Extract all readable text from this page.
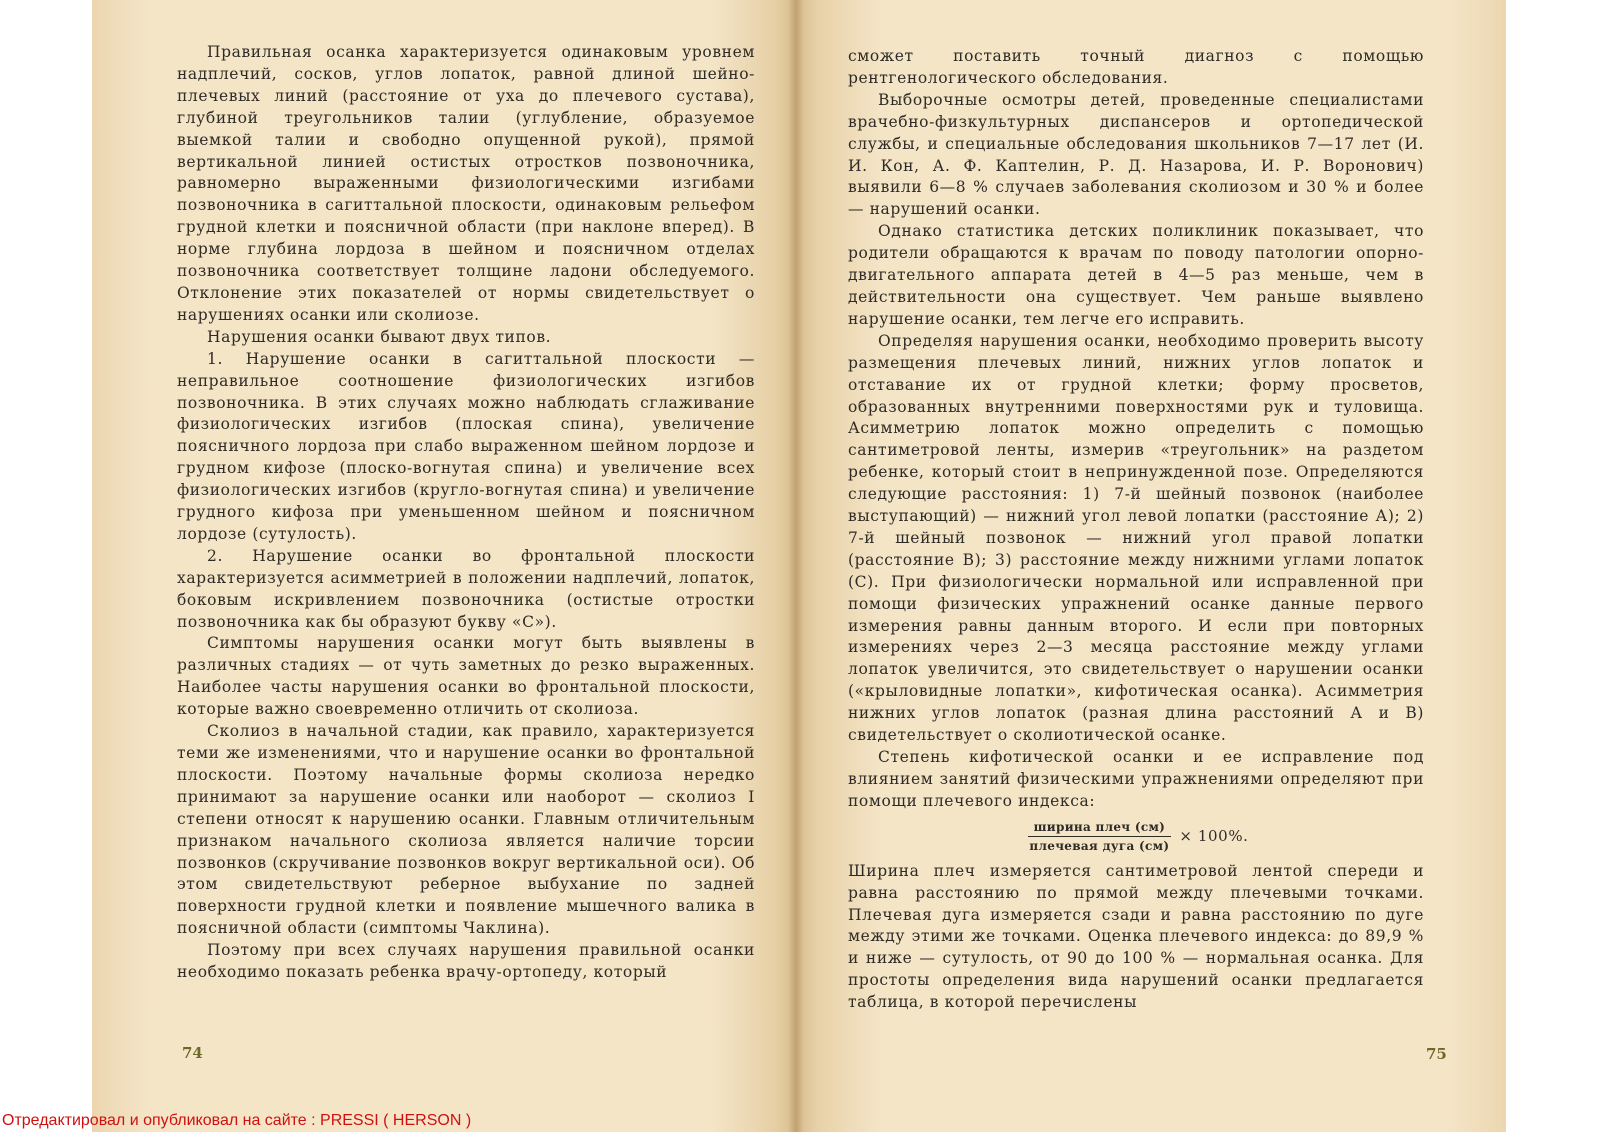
Правильная осанка характеризуется одинаковым уровнем надплечий, сосков, углов лопаток, равной длиной шейно-плечевых линий (расстояние от уха до плечевого сустава), глубиной треугольников талии (углубление, образуемое выемкой талии и свободно опущенной рукой), прямой вертикальной линией остистых отростков позвоночника, равномерно выраженными физиологическими изгибами позвоночника в сагиттальной плоскости, одинаковым рельефом грудной клетки и поясничной области (при наклоне вперед). В норме глубина лордоза в шейном и поясничном отделах позвоночника соответствует толщине ладони обследуемого. Отклонение этих показателей от нормы свидетельствует о нарушениях осанки или сколиозе.

Нарушения осанки бывают двух типов.

1. Нарушение осанки в сагиттальной плоскости — неправильное соотношение физиологических изгибов позвоночника. В этих случаях можно наблюдать сглаживание физиологических изгибов (плоская спина), увеличение поясничного лордоза при слабо выраженном шейном лордозе и грудном кифозе (плоско-вогнутая спина) и увеличение всех физиологических изгибов (кругло-вогнутая спина) и увеличение грудного кифоза при уменьшенном шейном и поясничном лордозе (сутулость).

2. Нарушение осанки во фронтальной плоскости характеризуется асимметрией в положении надплечий, лопаток, боковым искривлением позвоночника (остистые отростки позвоночника как бы образуют букву «С»).

Симптомы нарушения осанки могут быть выявлены в различных стадиях — от чуть заметных до резко выраженных. Наиболее часты нарушения осанки во фронтальной плоскости, которые важно своевременно отличить от сколиоза.

Сколиоз в начальной стадии, как правило, характеризуется теми же изменениями, что и нарушение осанки во фронтальной плоскости. Поэтому начальные формы сколиоза нередко принимают за нарушение осанки или наоборот — сколиоз I степени относят к нарушению осанки. Главным отличительным признаком начального сколиоза является наличие торсии позвонков (скручивание позвонков вокруг вертикальной оси). Об этом свидетельствуют реберное выбухание по задней поверхности грудной клетки и появление мышечного валика в поясничной области (симптомы Чаклина).

Поэтому при всех случаях нарушения правильной осанки необходимо показать ребенка врачу-ортопеду, который

сможет поставить точный диагноз с помощью рентгенологического обследования.

Выборочные осмотры детей, проведенные специалистами врачебно-физкультурных диспансеров и ортопедической службы, и специальные обследования школьников 7—17 лет (И. И. Кон, А. Ф. Каптелин, Р. Д. Назарова, И. Р. Воронович) выявили 6—8 % случаев заболевания сколиозом и 30 % и более — нарушений осанки.

Однако статистика детских поликлиник показывает, что родители обращаются к врачам по поводу патологии опорно-двигательного аппарата детей в 4—5 раз меньше, чем в действительности она существует. Чем раньше выявлено нарушение осанки, тем легче его исправить.

Определяя нарушения осанки, необходимо проверить высоту размещения плечевых линий, нижних углов лопаток и отставание их от грудной клетки; форму просветов, образованных внутренними поверхностями рук и туловища. Асимметрию лопаток можно определить с помощью сантиметровой ленты, измерив «треугольник» на раздетом ребенке, который стоит в непринужденной позе. Определяются следующие расстояния: 1) 7-й шейный позвонок (наиболее выступающий) — нижний угол левой лопатки (расстояние А); 2) 7-й шейный позвонок — нижний угол правой лопатки (расстояние В); 3) расстояние между нижними углами лопаток (С). При физиологически нормальной или исправленной при помощи физических упражнений осанке данные первого измерения равны данным второго. И если при повторных измерениях через 2—3 месяца расстояние между углами лопаток увеличится, это свидетельствует о нарушении осанки («крыловидные лопатки», кифотическая осанка). Асимметрия нижних углов лопаток (разная длина расстояний А и В) свидетельствует о сколиотической осанке.

Степень кифотической осанки и ее исправление под влиянием занятий физическими упражнениями определяют при помощи плечевого индекса:

$\frac{\text{ширина плеч (см)}}{\text{плечевая дуга (см)}} \times 100\%$.

Ширина плеч измеряется сантиметровой лентой спереди и равна расстоянию по прямой между плечевыми точками. Плечевая дуга измеряется сзади и равна расстоянию по дуге между этими же точками. Оценка плечевого индекса: до 89,9 % и ниже — сутулость, от 90 до 100 % — нормальная осанка. Для простоты определения вида нарушений осанки предлагается таблица, в которой перечислены

74	75
Отредактировал и опубликовал на сайте : PRESSI ( HERSON )
